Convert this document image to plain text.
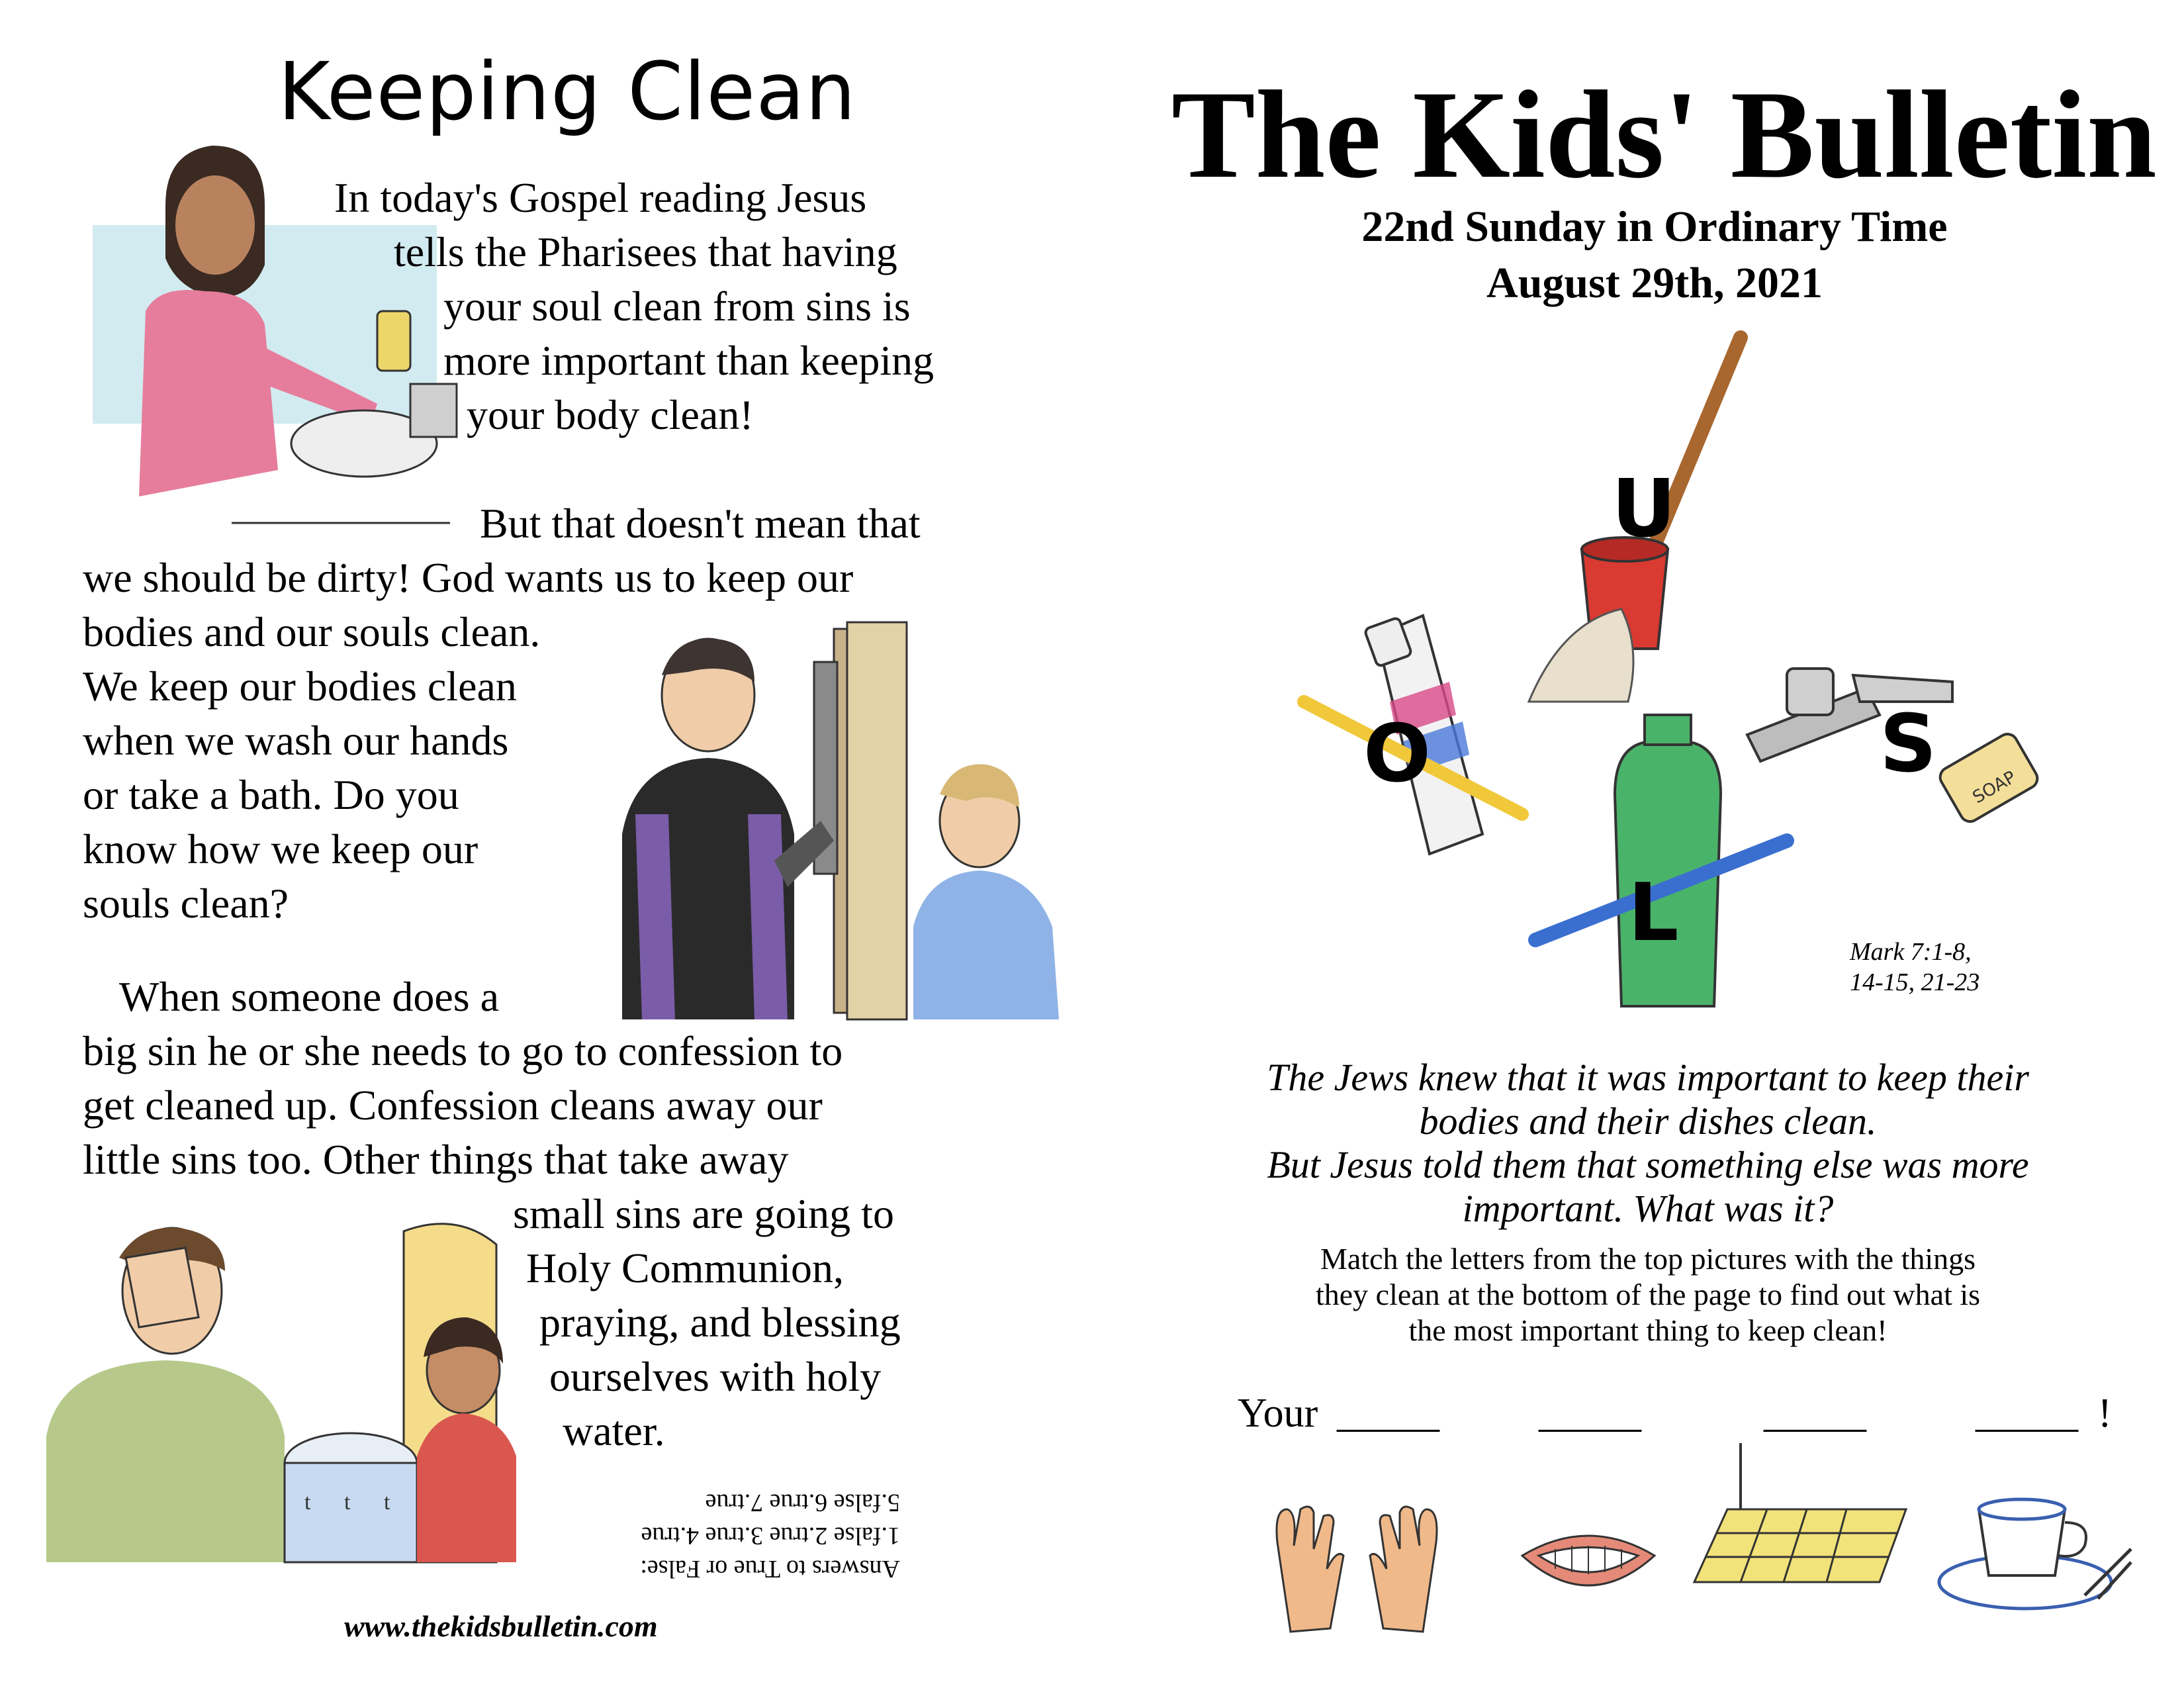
Keeping Clean
In today's Gospel reading Jesus
tells the Pharisees that having
your soul clean from sins is
more important than keeping
your body clean!
But that doesn't mean that
we should be dirty! God wants us to keep our
bodies and our souls clean.
We keep our bodies clean
when we wash our hands
or take a bath. Do you
know how we keep our
souls clean?
When someone does a
big sin he or she needs to go to confession to
get cleaned up. Confession cleans away our
little sins too. Other things that take away
small sins are going to
Holy Communion,
praying, and blessing
ourselves with holy
water.
t t t
Answers to True or False:
1.false 2.true 3.true 4.true
5.false 6.true 7.true
www.thekidsbulletin.com
The Kids' Bulletin
22nd Sunday in Ordinary Time
August 29th, 2021
U
O
L
SOAP
S
Mark 7:1-8,
14-15, 21-23
The Jews knew that it was important to keep their
bodies and their dishes clean.
But Jesus told them that something else was more
important. What was it?
Match the letters from the top pictures with the things
they clean at the bottom of the page to find out what is
the most important thing to keep clean!
Your _____ _____	_____	_____ !
